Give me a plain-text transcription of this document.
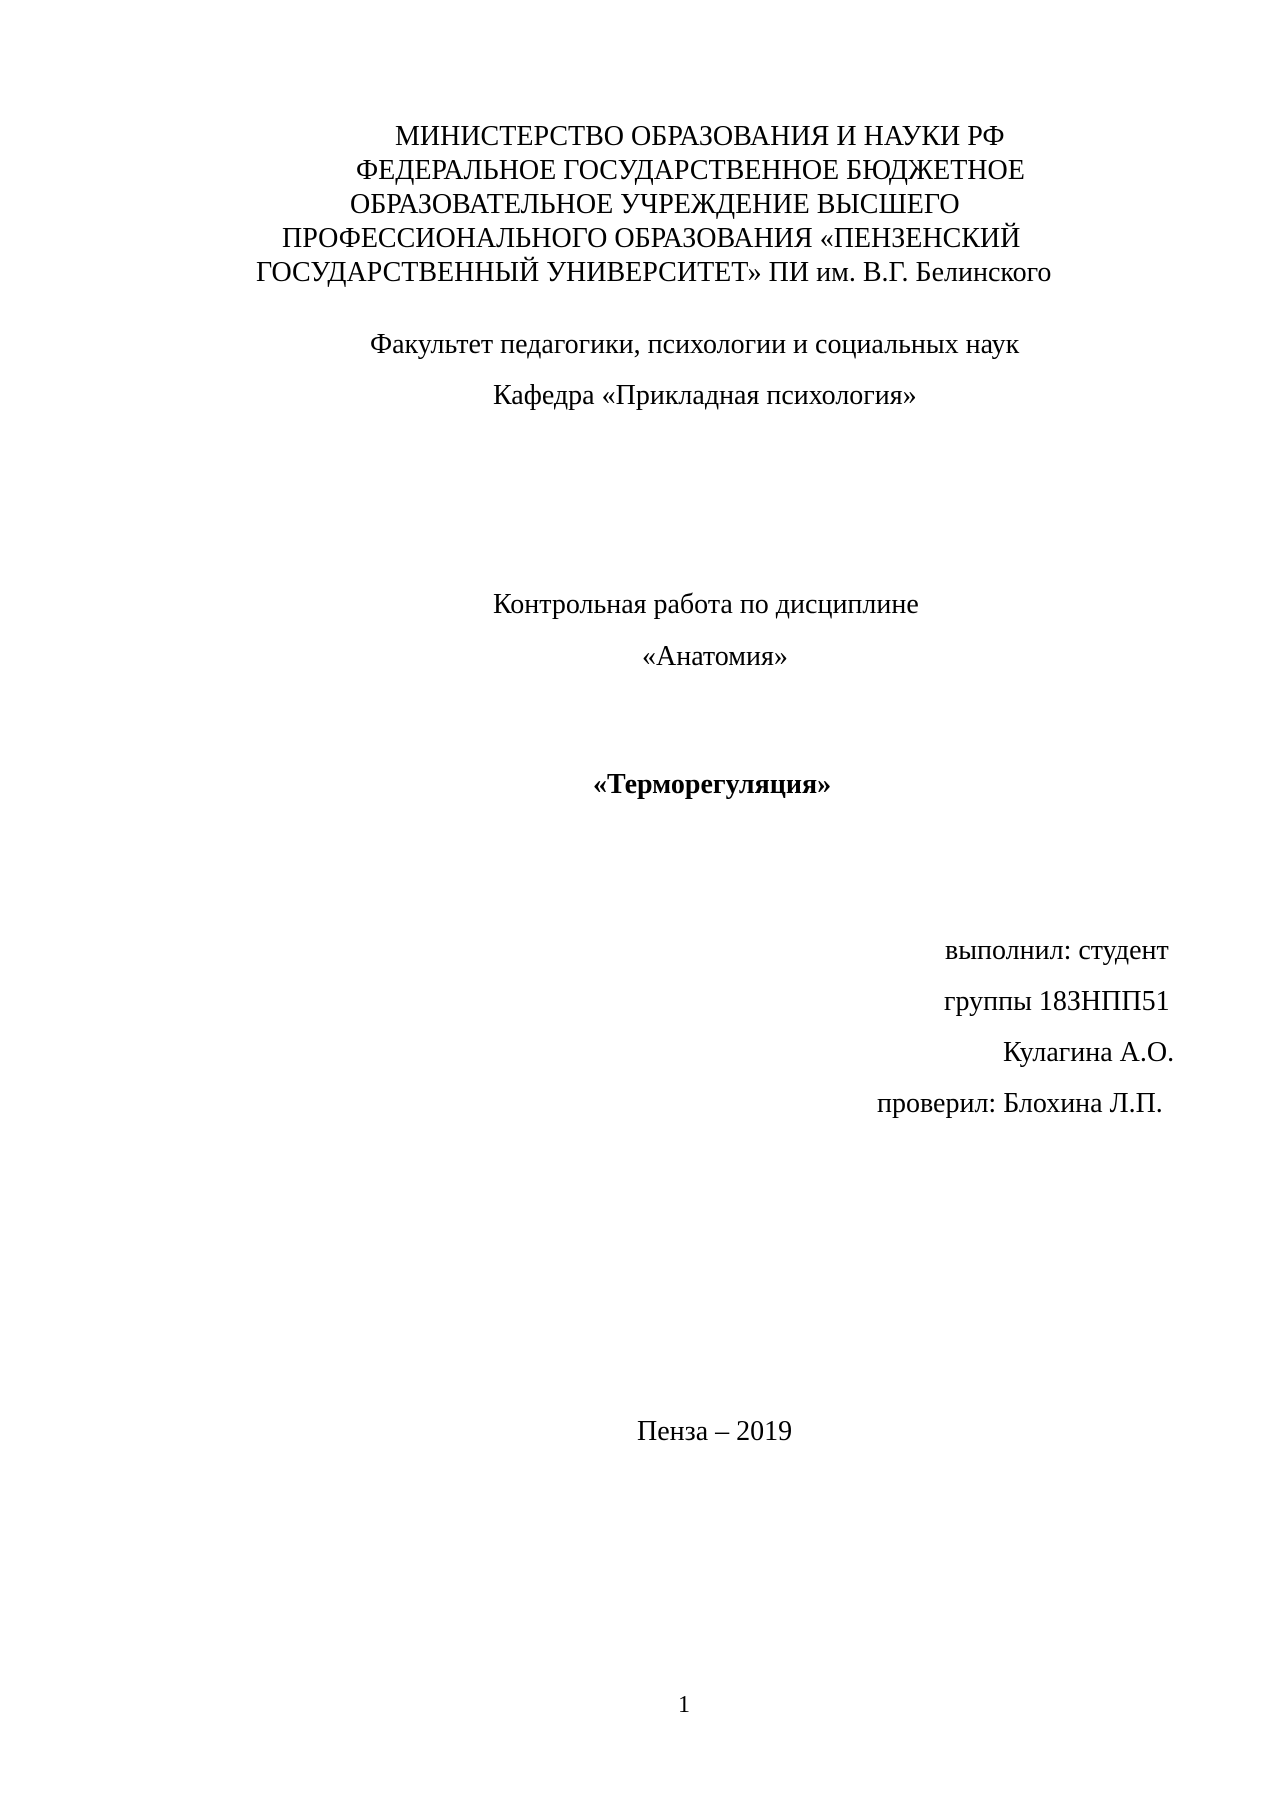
МИНИСТЕРСТВО ОБРАЗОВАНИЯ И НАУКИ РФ
ФЕДЕРАЛЬНОЕ ГОСУДАРСТВЕННОЕ БЮДЖЕТНОЕ
ОБРАЗОВАТЕЛЬНОЕ УЧРЕЖДЕНИЕ ВЫСШЕГО
ПРОФЕССИОНАЛЬНОГО ОБРАЗОВАНИЯ «ПЕНЗЕНСКИЙ
ГОСУДАРСТВЕННЫЙ УНИВЕРСИТЕТ» ПИ им. В.Г. Белинского
Факультет педагогики, психологии и социальных наук
Кафедра «Прикладная психология»
Контрольная работа по дисциплине
«Анатомия»
«Терморегуляция»
выполнил: студент
группы 18ЗНПП51
Кулагина А.О.
проверил: Блохина Л.П.
Пенза – 2019
1
